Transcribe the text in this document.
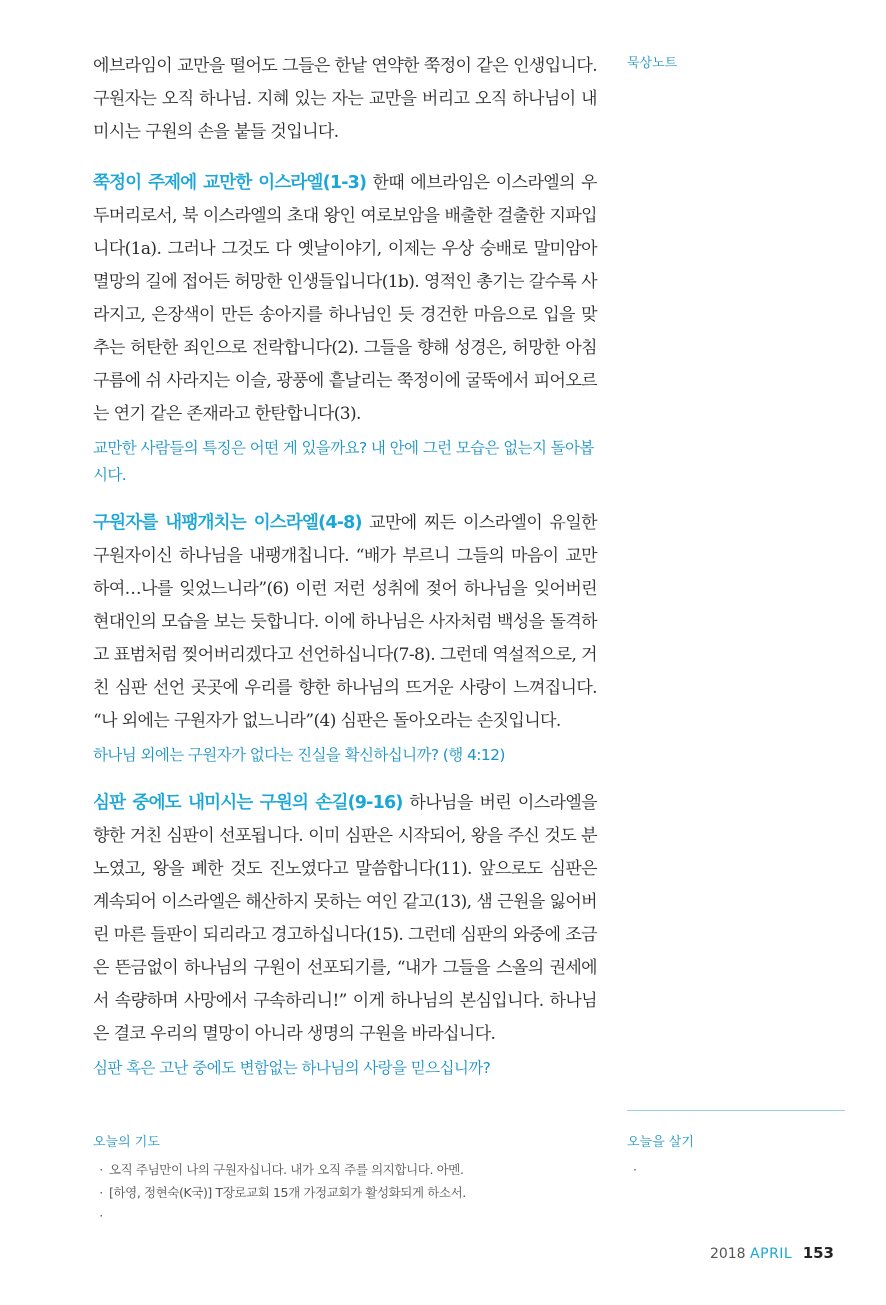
묵상노트

에브라임이 교만을 떨어도 그들은 한낱 연약한 쭉정이 같은 인생입니다. 구원자는 오직 하나님. 지혜 있는 자는 교만을 버리고 오직 하나님이 내미시는 구원의 손을 붙들 것입니다.

쭉정이 주제에 교만한 이스라엘(1-3) 한때 에브라임은 이스라엘의 우두머리로서, 북 이스라엘의 초대 왕인 여로보암을 배출한 걸출한 지파입니다(1a). 그러나 그것도 다 옛날이야기, 이제는 우상 숭배로 말미암아 멸망의 길에 접어든 허망한 인생들입니다(1b). 영적인 총기는 갈수록 사라지고, 은장색이 만든 송아지를 하나님인 듯 경건한 마음으로 입을 맞추는 허탄한 죄인으로 전락합니다(2). 그들을 향해 성경은, 허망한 아침 구름에 쉬 사라지는 이슬, 광풍에 흩날리는 쭉정이에 굴뚝에서 피어오르는 연기 같은 존재라고 한탄합니다(3).

교만한 사람들의 특징은 어떤 게 있을까요? 내 안에 그런 모습은 없는지 돌아봅시다.

구원자를 내팽개치는 이스라엘(4-8) 교만에 찌든 이스라엘이 유일한 구원자이신 하나님을 내팽개칩니다. “배가 부르니 그들의 마음이 교만하여…나를 잊었느니라”(6) 이런 저런 성취에 젖어 하나님을 잊어버린 현대인의 모습을 보는 듯합니다. 이에 하나님은 사자처럼 백성을 돌격하고 표범처럼 찢어버리겠다고 선언하십니다(7-8). 그런데 역설적으로, 거친 심판 선언 곳곳에 우리를 향한 하나님의 뜨거운 사랑이 느껴집니다. “나 외에는 구원자가 없느니라”(4) 심판은 돌아오라는 손짓입니다.

하나님 외에는 구원자가 없다는 진실을 확신하십니까? (행 4:12)

심판 중에도 내미시는 구원의 손길(9-16) 하나님을 버린 이스라엘을 향한 거친 심판이 선포됩니다. 이미 심판은 시작되어, 왕을 주신 것도 분노였고, 왕을 폐한 것도 진노였다고 말씀합니다(11). 앞으로도 심판은 계속되어 이스라엘은 해산하지 못하는 여인 같고(13), 샘 근원을 잃어버린 마른 들판이 되리라고 경고하십니다(15). 그런데 심판의 와중에 조금은 뜬금없이 하나님의 구원이 선포되기를, “내가 그들을 스올의 권세에서 속량하며 사망에서 구속하리니!” 이게 하나님의 본심입니다. 하나님은 결코 우리의 멸망이 아니라 생명의 구원을 바라십니다.

심판 혹은 고난 중에도 변함없는 하나님의 사랑을 믿으십니까?

오늘의 기도
· 오직 주님만이 나의 구원자십니다. 내가 오직 주를 의지합니다. 아멘.
· [하영, 정현숙(K국)] T장로교회 15개 가정교회가 활성화되게 하소서.
·
오늘을 살기
·
2018 APRIL 153
